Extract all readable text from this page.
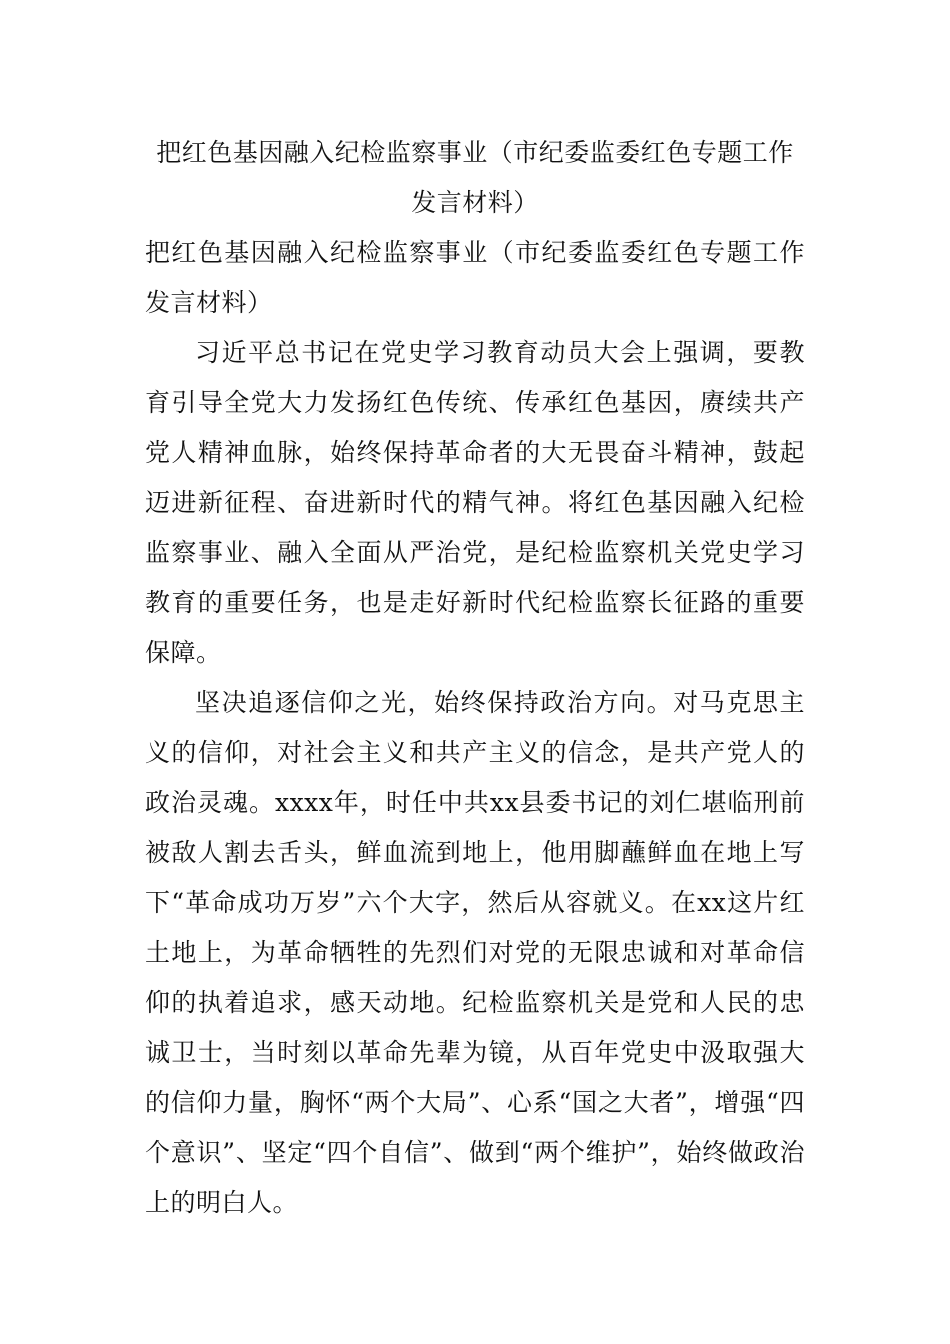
把红色基因融入纪检监察事业（市纪委监委红色专题工作发言材料）

把红色基因融入纪检监察事业（市纪委监委红色专题工作发言材料）

习近平总书记在党史学习教育动员大会上强调，要教育引导全党大力发扬红色传统、传承红色基因，赓续共产党人精神血脉，始终保持革命者的大无畏奋斗精神，鼓起迈进新征程、奋进新时代的精气神。将红色基因融入纪检监察事业、融入全面从严治党，是纪检监察机关党史学习教育的重要任务，也是走好新时代纪检监察长征路的重要保障。

坚决追逐信仰之光，始终保持政治方向。对马克思主义的信仰，对社会主义和共产主义的信念，是共产党人的政治灵魂。xxxx年，时任中共xx县委书记的刘仁堪临刑前被敌人割去舌头，鲜血流到地上，他用脚蘸鲜血在地上写下“革命成功万岁”六个大字，然后从容就义。在xx这片红土地上，为革命牺牲的先烈们对党的无限忠诚和对革命信仰的执着追求，感天动地。纪检监察机关是党和人民的忠诚卫士，当时刻以革命先辈为镜，从百年党史中汲取强大的信仰力量，胸怀“两个大局”、心系“国之大者”，增强“四个意识”、坚定“四个自信”、做到“两个维护”，始终做政治上的明白人。
